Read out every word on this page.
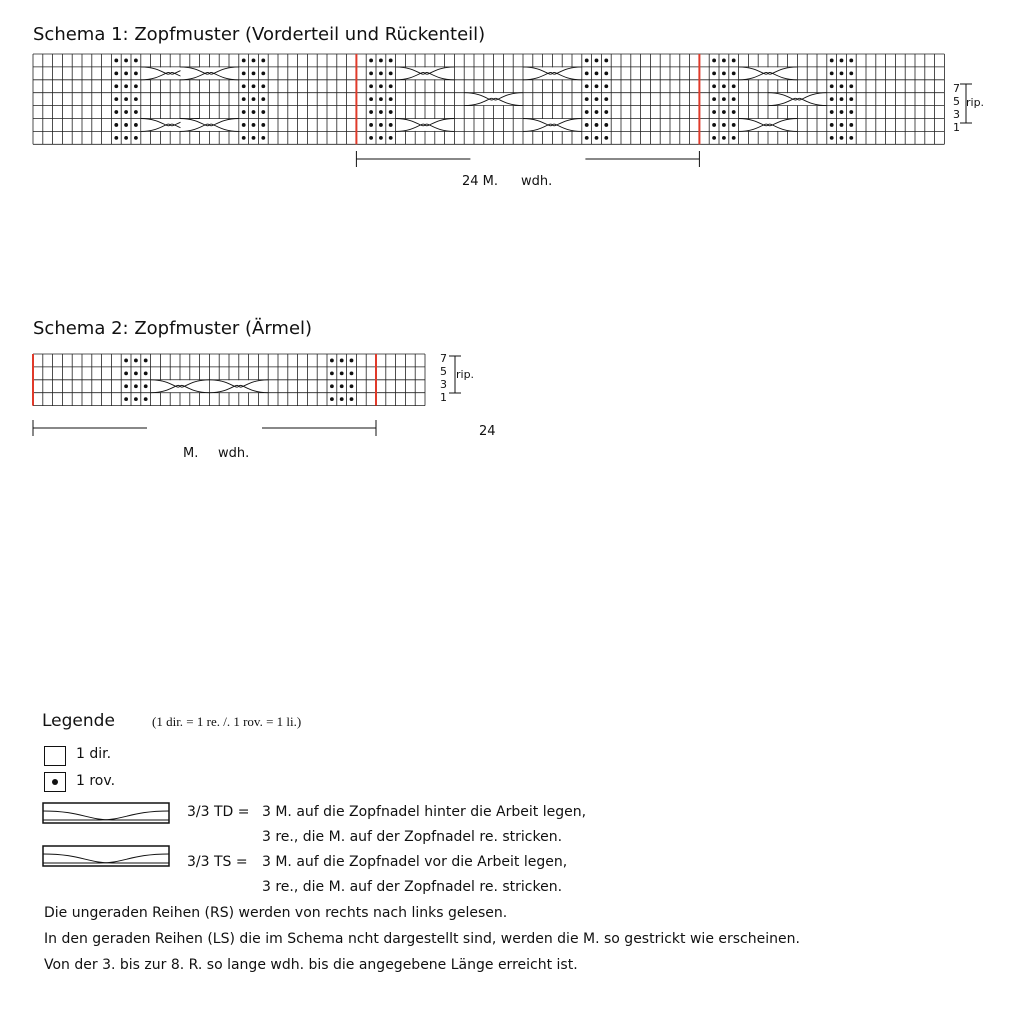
Schema 1: Zopfmuster (Vorderteil und Rückenteil)
24 M. wdh.
7
5
3
1
rip.
Schema 2: Zopfmuster (Ärmel)
7
5
3
1
rip.
24
M. wdh.
Legende	(1 dir. = 1 re. /. 1 rov. = 1 li.)
1 dir.
1 rov.
3/3 TD = 3 M. auf die Zopfnadel hinter die Arbeit legen,
3 re., die M. auf der Zopfnadel re. stricken.
3/3 TS = 3 M. auf die Zopfnadel vor die Arbeit legen,
3 re., die M. auf der Zopfnadel re. stricken.
Die ungeraden Reihen (RS) werden von rechts nach links gelesen.
In den geraden Reihen (LS) die im Schema ncht dargestellt sind, werden die M. so gestrickt wie erscheinen.
Von der 3. bis zur 8. R. so lange wdh. bis die angegebene Länge erreicht ist.
